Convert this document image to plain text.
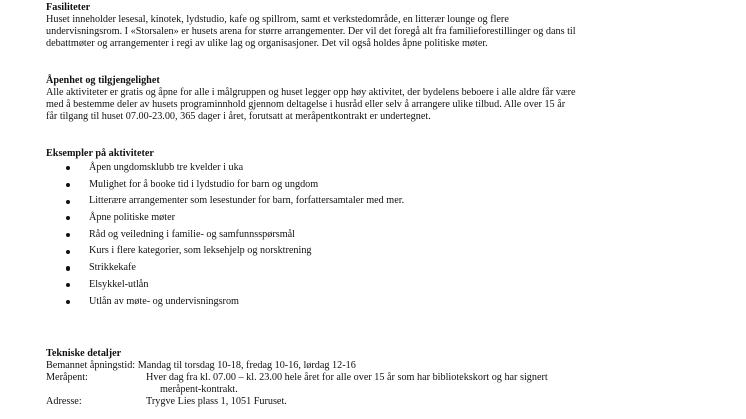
Fasiliteter
Huset inneholder lesesal, kinotek, lydstudio, kafe og spillrom, samt et verkstedområde, en litterær lounge og flere
undervisningsrom. I «Storsalen» er husets arena for større arrangementer. Der vil det foregå alt fra familieforestillinger og dans til
debattmøter og arrangementer i regi av ulike lag og organisasjoner. Det vil også holdes åpne politiske møter.
Åpenhet og tilgjengelighet
Alle aktiviteter er gratis og åpne for alle i målgruppen og huset legger opp høy aktivitet, der bydelens beboere i alle aldre får være
med å bestemme deler av husets programinnhold gjennom deltagelse i husråd eller selv å arrangere ulike tilbud. Alle over 15 år
får tilgang til huset 07.00-23.00, 365 dager i året, forutsatt at meråpentkontrakt er undertegnet.
Eksempler på aktiviteter
Åpen ungdomsklubb tre kvelder i uka
Mulighet for å booke tid i lydstudio for barn og ungdom
Litterære arrangementer som lesestunder for barn, forfattersamtaler med mer.
Åpne politiske møter
Råd og veiledning i familie- og samfunnsspørsmål
Kurs i flere kategorier, som leksehjelp og norsktrening
Strikkekafe
Elsykkel-utlån
Utlån av møte- og undervisningsrom
Tekniske detaljer
Bemannet åpningstid: Mandag til torsdag 10-18, fredag 10-16, lørdag 12-16
Meråpent:	Hver dag fra kl. 07.00 – kl. 23.00 hele året for alle over 15 år som har bibliotekskort og har signert
meråpent-kontrakt.
Adresse:	Trygve Lies plass 1, 1051 Furuset.
